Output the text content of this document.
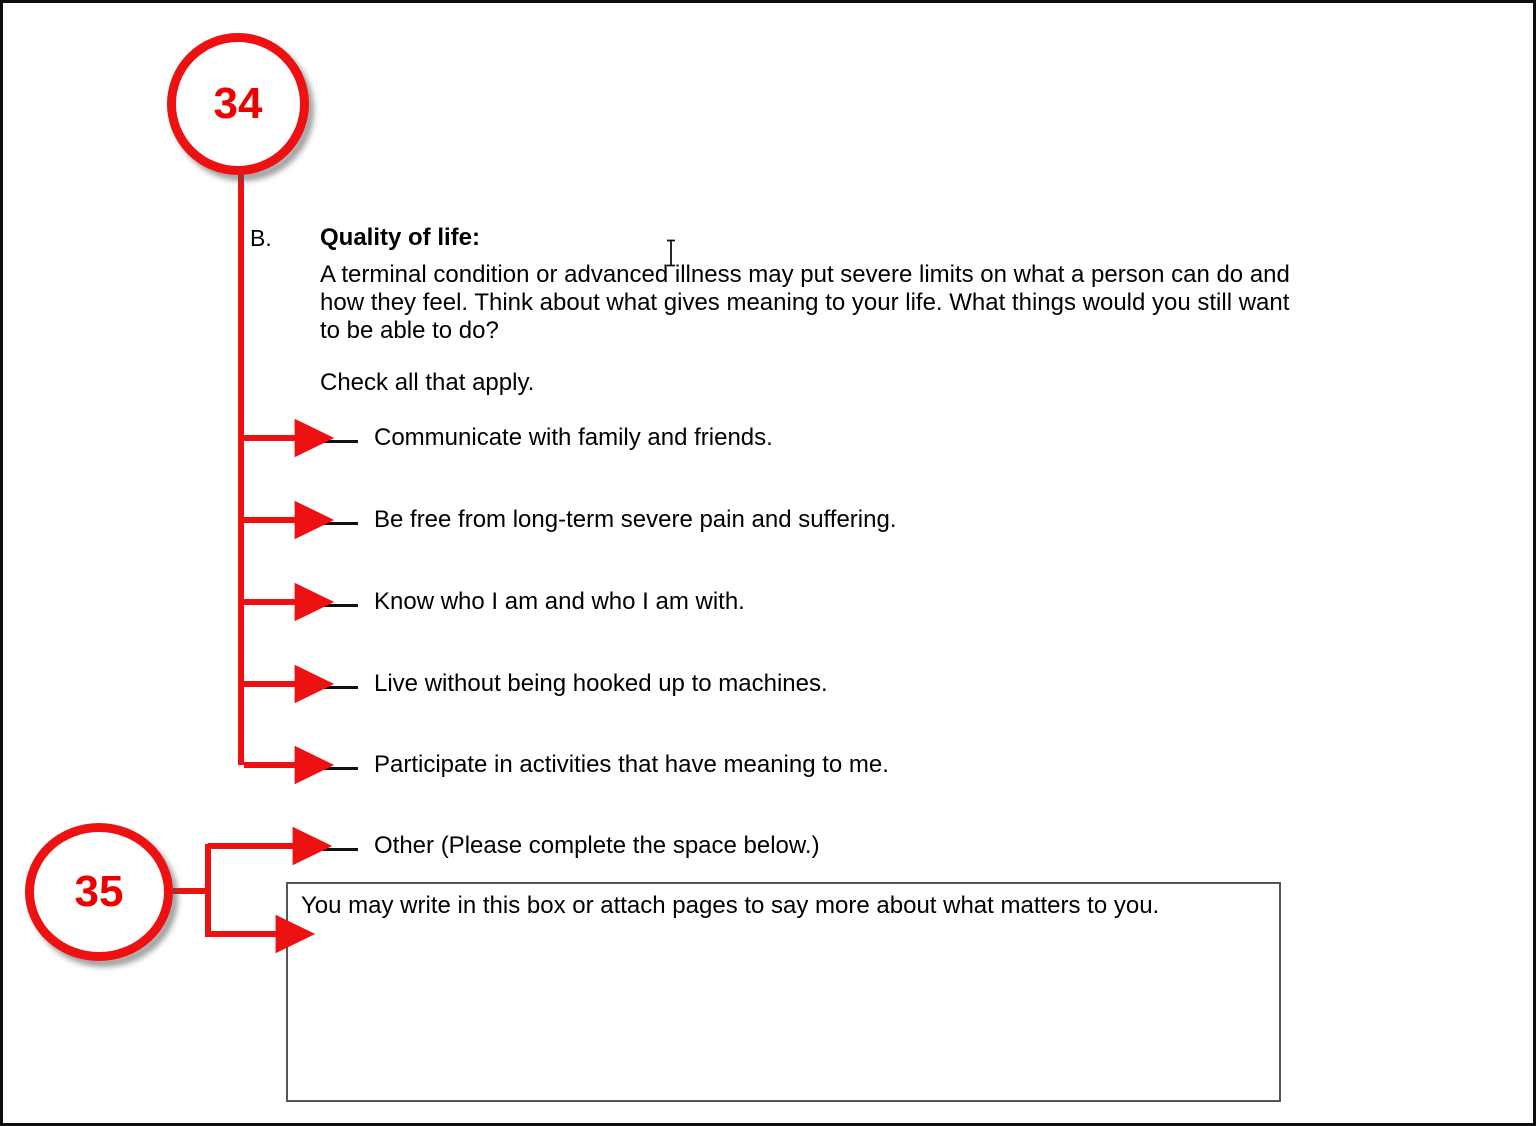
34
35
B. Quality of life:
A terminal condition or advanced illness may put severe limits on what a person can do and how they feel. Think about what gives meaning to your life. What things would you still want to be able to do?
Check all that apply.
Communicate with family and friends.
Be free from long-term severe pain and suffering.
Know who I am and who I am with.
Live without being hooked up to machines.
Participate in activities that have meaning to me.
Other (Please complete the space below.)
You may write in this box or attach pages to say more about what matters to you.
